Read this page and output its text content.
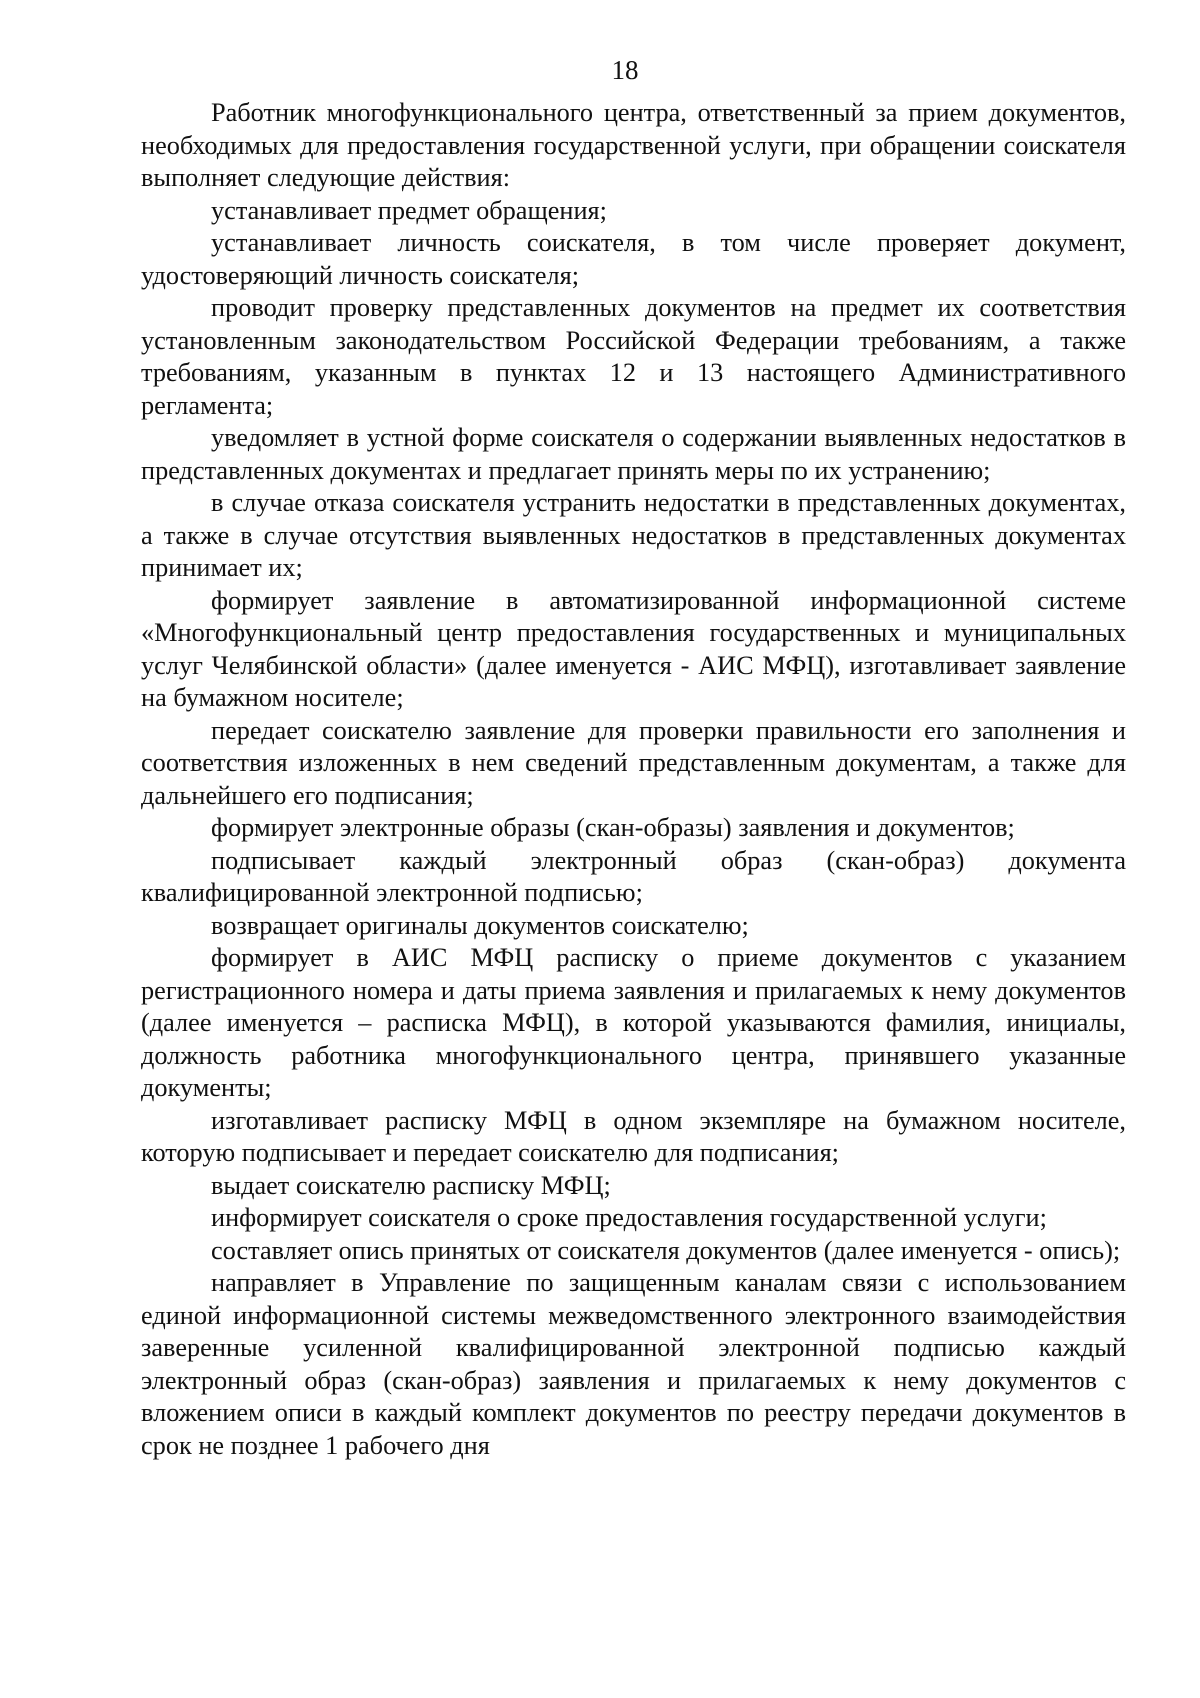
18

Работник многофункционального центра, ответственный за прием документов, необходимых для предоставления государственной услуги, при обращении соискателя выполняет следующие действия:

устанавливает предмет обращения;

устанавливает личность соискателя, в том числе проверяет документ, удостоверяющий личность соискателя;

проводит проверку представленных документов на предмет их соответствия установленным законодательством Российской Федерации требованиям, а также требованиям, указанным в пунктах 12 и 13 настоящего Административного регламента;

уведомляет в устной форме соискателя о содержании выявленных недостатков в представленных документах и предлагает принять меры по их устранению;

в случае отказа соискателя устранить недостатки в представленных документах, а также в случае отсутствия выявленных недостатков в представленных документах принимает их;

формирует заявление в автоматизированной информационной системе «Многофункциональный центр предоставления государственных и муниципальных услуг Челябинской области» (далее именуется - АИС МФЦ), изготавливает заявление на бумажном носителе;

передает соискателю заявление для проверки правильности его заполнения и соответствия изложенных в нем сведений представленным документам, а также для дальнейшего его подписания;

формирует электронные образы (скан-образы) заявления и документов;

подписывает каждый электронный образ (скан-образ) документа квалифицированной электронной подписью;

возвращает оригиналы документов соискателю;

формирует в АИС МФЦ расписку о приеме документов с указанием регистрационного номера и даты приема заявления и прилагаемых к нему документов (далее именуется – расписка МФЦ), в которой указываются фамилия, инициалы, должность работника многофункционального центра, принявшего указанные документы;

изготавливает расписку МФЦ в одном экземпляре на бумажном носителе, которую подписывает и передает соискателю для подписания;

выдает соискателю расписку МФЦ;

информирует соискателя о сроке предоставления государственной услуги;

составляет опись принятых от соискателя документов (далее именуется - опись);

направляет в Управление по защищенным каналам связи с использованием единой информационной системы межведомственного электронного взаимодействия заверенные усиленной квалифицированной электронной подписью каждый электронный образ (скан-образ) заявления и прилагаемых к нему документов с вложением описи в каждый комплект документов по реестру передачи документов в срок не позднее 1 рабочего дня
